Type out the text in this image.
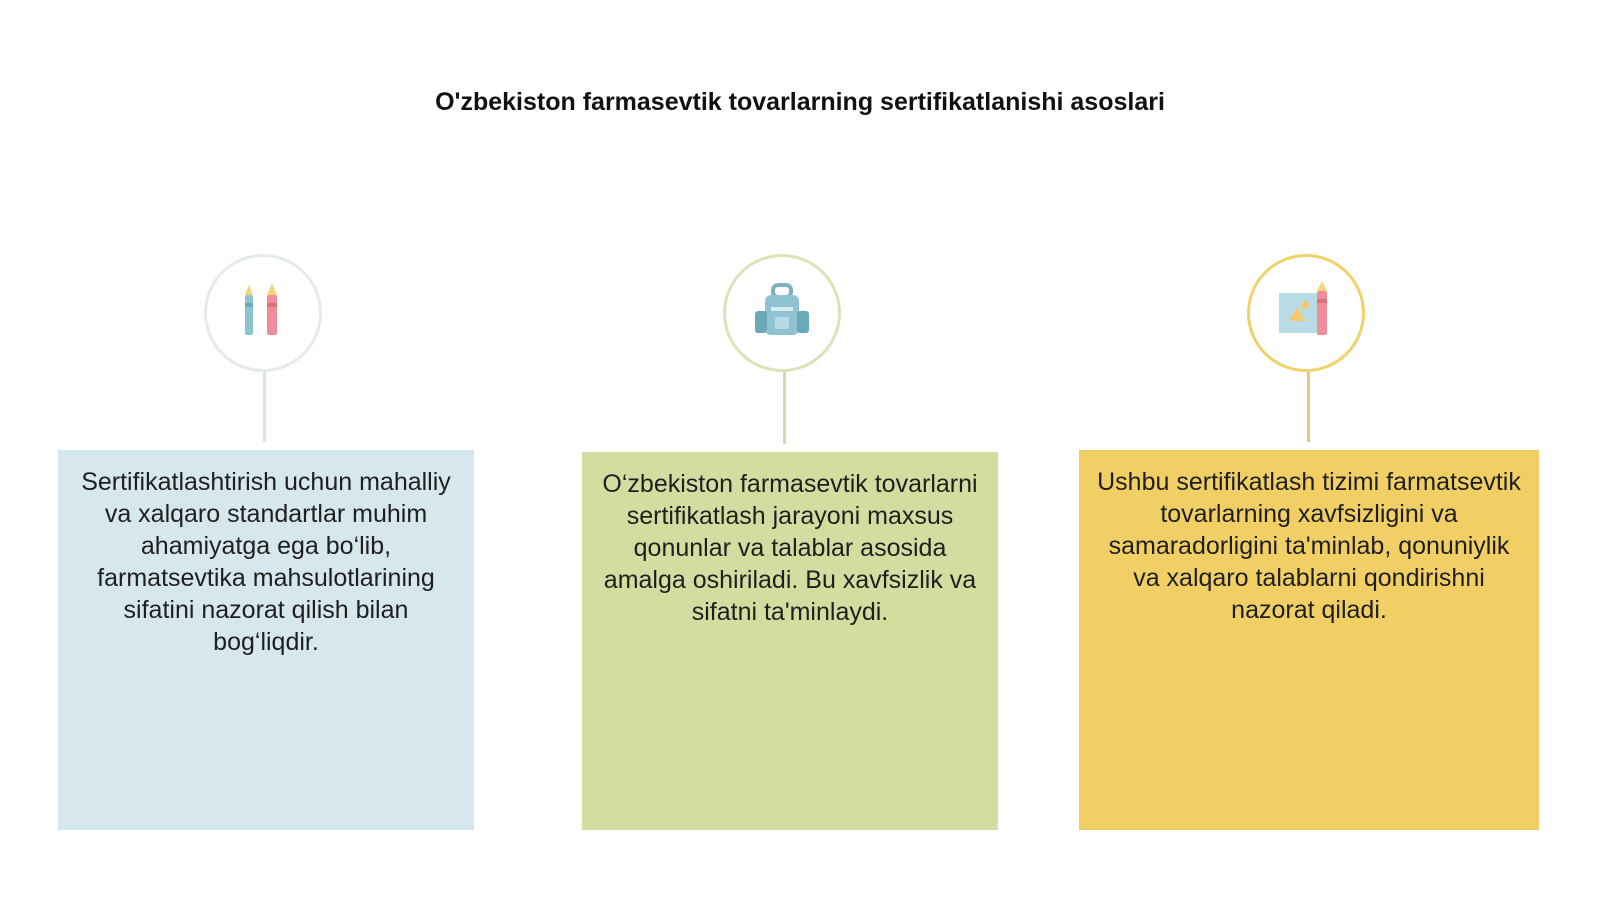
O'zbekiston farmasevtik tovarlarning sertifikatlanishi asoslari
Sertifikatlashtirish uchun mahalliy va xalqaro standartlar muhim ahamiyatga ega bo‘lib, farmatsevtika mahsulotlarining sifatini nazorat qilish bilan bog‘liqdir.
O‘zbekiston farmasevtik tovarlarni sertifikatlash jarayoni maxsus qonunlar va talablar asosida amalga oshiriladi. Bu xavfsizlik va sifatni ta'minlaydi.
Ushbu sertifikatlash tizimi farmatsevtik tovarlarning xavfsizligini va samaradorligini ta'minlab, qonuniylik va xalqaro talablarni qondirishni nazorat qiladi.
